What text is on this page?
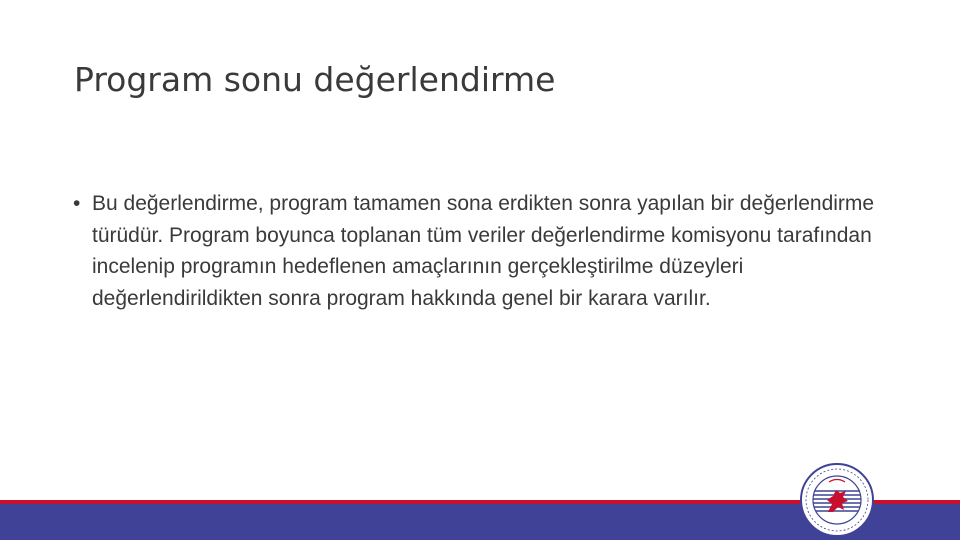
Program sonu değerlendirme
• Bu değerlendirme, program tamamen sona erdikten sonra yapılan bir değerlendirme türüdür. Program boyunca toplanan tüm veriler değerlendirme komisyonu tarafından incelenip programın hedeflenen amaçlarının gerçekleştirilme düzeyleri değerlendirildikten sonra program hakkında genel bir karara varılır.
